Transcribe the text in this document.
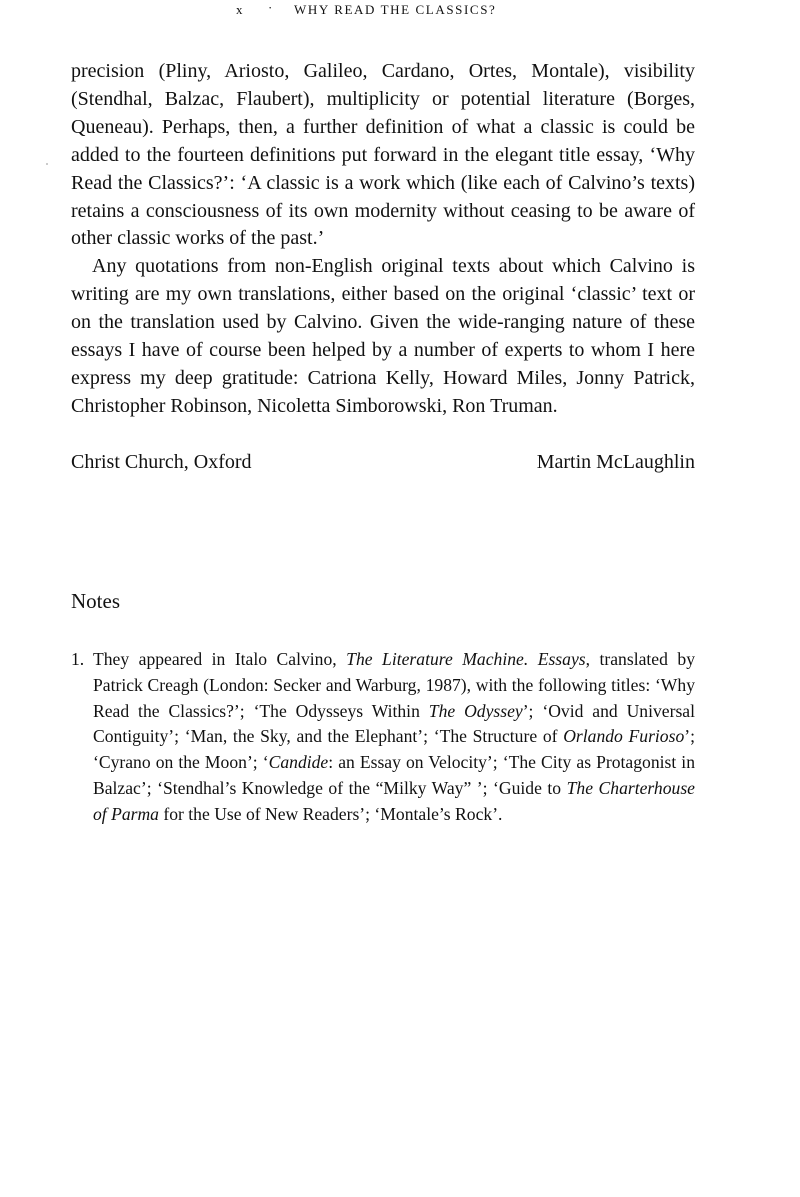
x · WHY READ THE CLASSICS?

precision (Pliny, Ariosto, Galileo, Cardano, Ortes, Montale), visibility (Stendhal, Balzac, Flaubert), multiplicity or potential literature (Borges, Queneau). Perhaps, then, a further definition of what a classic is could be added to the fourteen definitions put forward in the elegant title essay, ‘Why Read the Classics?’: ‘A classic is a work which (like each of Calvino’s texts) retains a consciousness of its own modernity without ceasing to be aware of other classic works of the past.’

Any quotations from non-English original texts about which Calvino is writing are my own translations, either based on the original ‘classic’ text or on the translation used by Calvino. Given the wide-ranging nature of these essays I have of course been helped by a number of experts to whom I here express my deep gratitude: Catriona Kelly, Howard Miles, Jonny Patrick, Christopher Robinson, Nicoletta Simborowski, Ron Truman.

Christ Church, Oxford	Martin McLaughlin
Notes
1. They appeared in Italo Calvino, The Literature Machine. Essays, translated by Patrick Creagh (London: Secker and Warburg, 1987), with the following titles: ‘Why Read the Classics?’; ‘The Odysseys Within The Odyssey’; ‘Ovid and Universal Contiguity’; ‘Man, the Sky, and the Elephant’; ‘The Structure of Orlando Furioso’; ‘Cyrano on the Moon’; ‘Candide: an Essay on Velocity’; ‘The City as Protagonist in Balzac’; ‘Stendhal’s Knowledge of the “Milky Way” ’; ‘Guide to The Charterhouse of Parma for the Use of New Readers’; ‘Montale’s Rock’.
